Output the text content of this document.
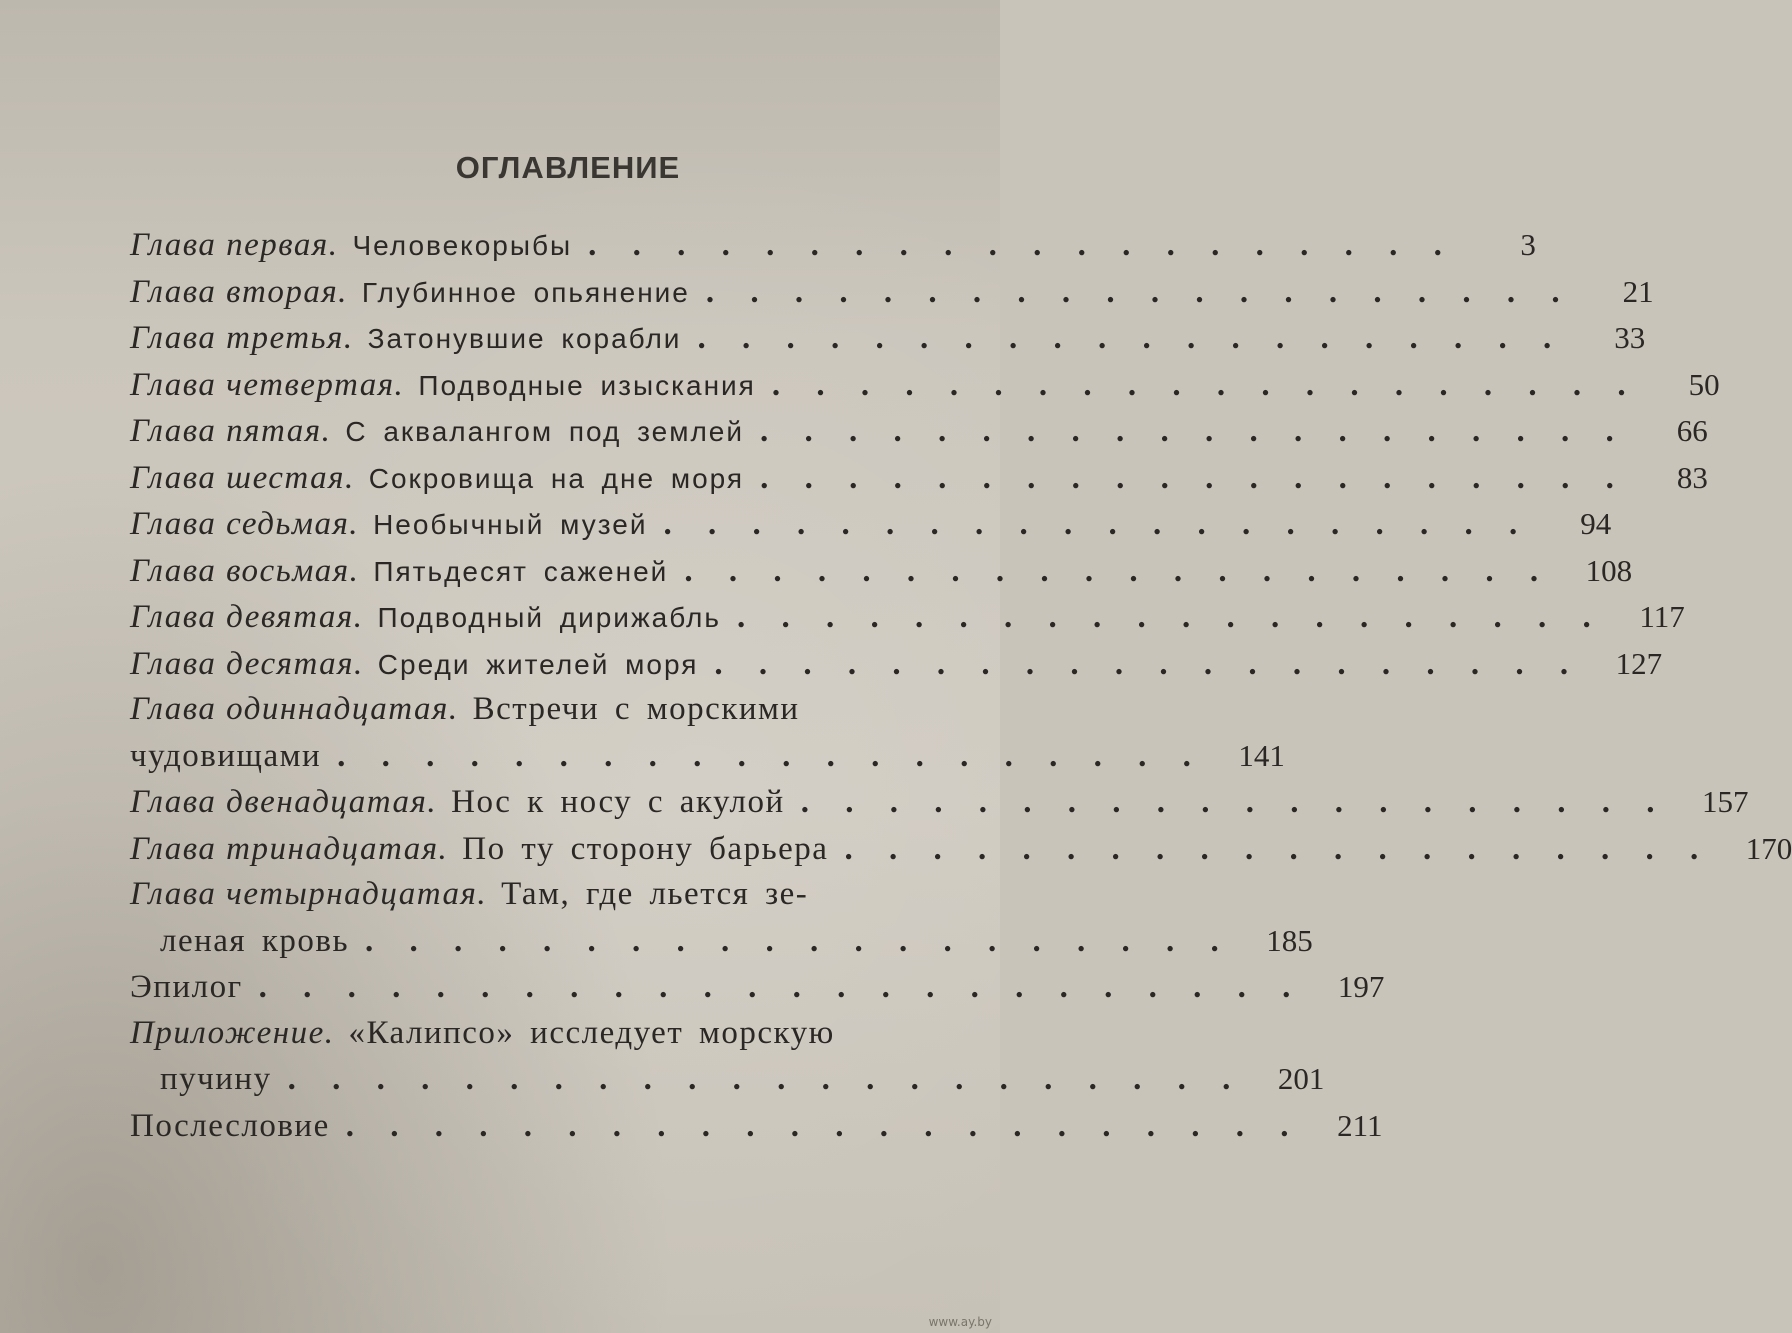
ОГЛАВЛЕНИЕ
Глава первая. Человекорыбы . . . . . . . . . . . . . . . . . . . .	3
Глава вторая. Глубинное опьянение . . . . . . . . . . . . . . . . . . . .	21
Глава третья. Затонувшие корабли . . . . . . . . . . . . . . . . . . . .	33
Глава четвертая. Подводные изыскания . . . . . . . . . . . . . . . . . . . .	50
Глава пятая. С аквалангом под землей . . . . . . . . . . . . . . . . . . . .	66
Глава шестая. Сокровища на дне моря . . . . . . . . . . . . . . . . . . . .	83
Глава седьмая. Необычный музей . . . . . . . . . . . . . . . . . . . .	94
Глава восьмая. Пятьдесят саженей . . . . . . . . . . . . . . . . . . . .	108
Глава девятая. Подводный дирижабль . . . . . . . . . . . . . . . . . . . .	117
Глава десятая. Среди жителей моря . . . . . . . . . . . . . . . . . . . .	127
Глава одиннадцатая. Встречи с морскими
чудовищами . . . . . . . . . . . . . . . . . . . .	141
Глава двенадцатая. Нос к носу с акулой . . . . . . . . . . . . . . . . . . . .	157
Глава тринадцатая. По ту сторону барьера . . . . . . . . . . . . . . . . . . . .	170
Глава четырнадцатая. Там, где льется зе-
леная кровь . . . . . . . . . . . . . . . . . . . .	185
Эпилог . . . . . . . . . . . . . . . . . . . . . . . .	197
Приложение. «Калипсо» исследует морскую
пучину . . . . . . . . . . . . . . . . . . . . . .	201
Послесловие . . . . . . . . . . . . . . . . . . . . . .	211
www.ay.by
